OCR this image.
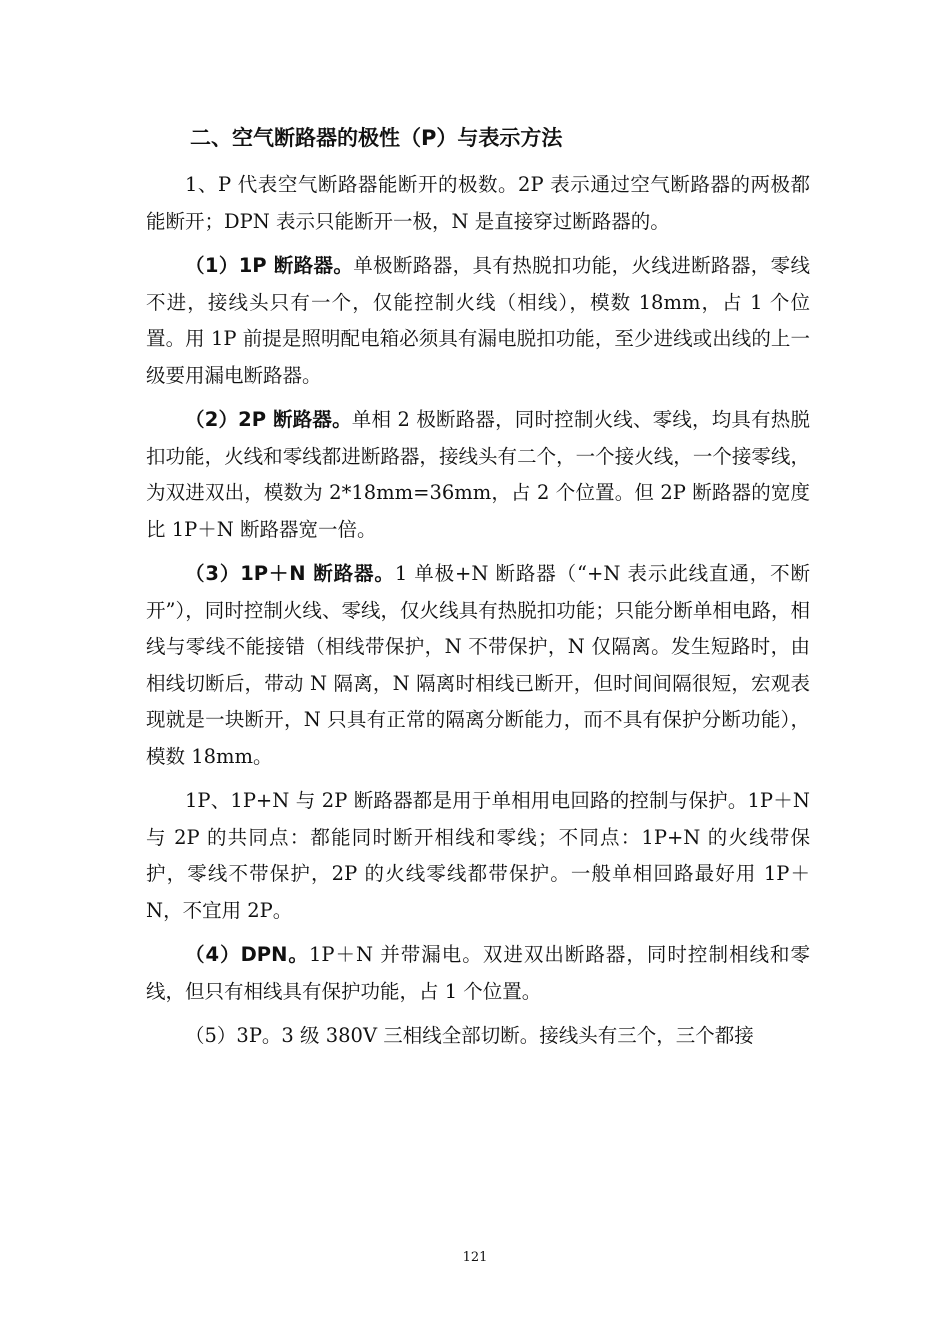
二、空气断路器的极性（P）与表示方法

1、P 代表空气断路器能断开的极数。2P 表示通过空气断路器的两极都能断开；DPN 表示只能断开一极，N 是直接穿过断路器的。

（1）1P 断路器。单极断路器，具有热脱扣功能，火线进断路器，零线不进，接线头只有一个，仅能控制火线（相线），模数 18mm，占 1 个位置。用 1P 前提是照明配电箱必须具有漏电脱扣功能，至少进线或出线的上一级要用漏电断路器。

（2）2P 断路器。单相 2 极断路器，同时控制火线、零线，均具有热脱扣功能，火线和零线都进断路器，接线头有二个，一个接火线，一个接零线，为双进双出，模数为 2*18mm=36mm，占 2 个位置。但 2P 断路器的宽度比 1P＋N 断路器宽一倍。

（3）1P＋N 断路器。1 单极+N 断路器（“+N 表示此线直通，不断开”），同时控制火线、零线，仅火线具有热脱扣功能；只能分断单相电路，相线与零线不能接错（相线带保护，N 不带保护，N 仅隔离。发生短路时，由相线切断后，带动 N 隔离，N 隔离时相线已断开，但时间间隔很短，宏观表现就是一块断开，N 只具有正常的隔离分断能力，而不具有保护分断功能），模数 18mm。

1P、1P+N 与 2P 断路器都是用于单相用电回路的控制与保护。1P＋N 与 2P 的共同点：都能同时断开相线和零线；不同点：1P+N 的火线带保护，零线不带保护，2P 的火线零线都带保护。一般单相回路最好用 1P＋N，不宜用 2P。

（4）DPN。1P＋N 并带漏电。双进双出断路器，同时控制相线和零线，但只有相线具有保护功能，占 1 个位置。

（5）3P。3 级 380V 三相线全部切断。接线头有三个，三个都接

121
